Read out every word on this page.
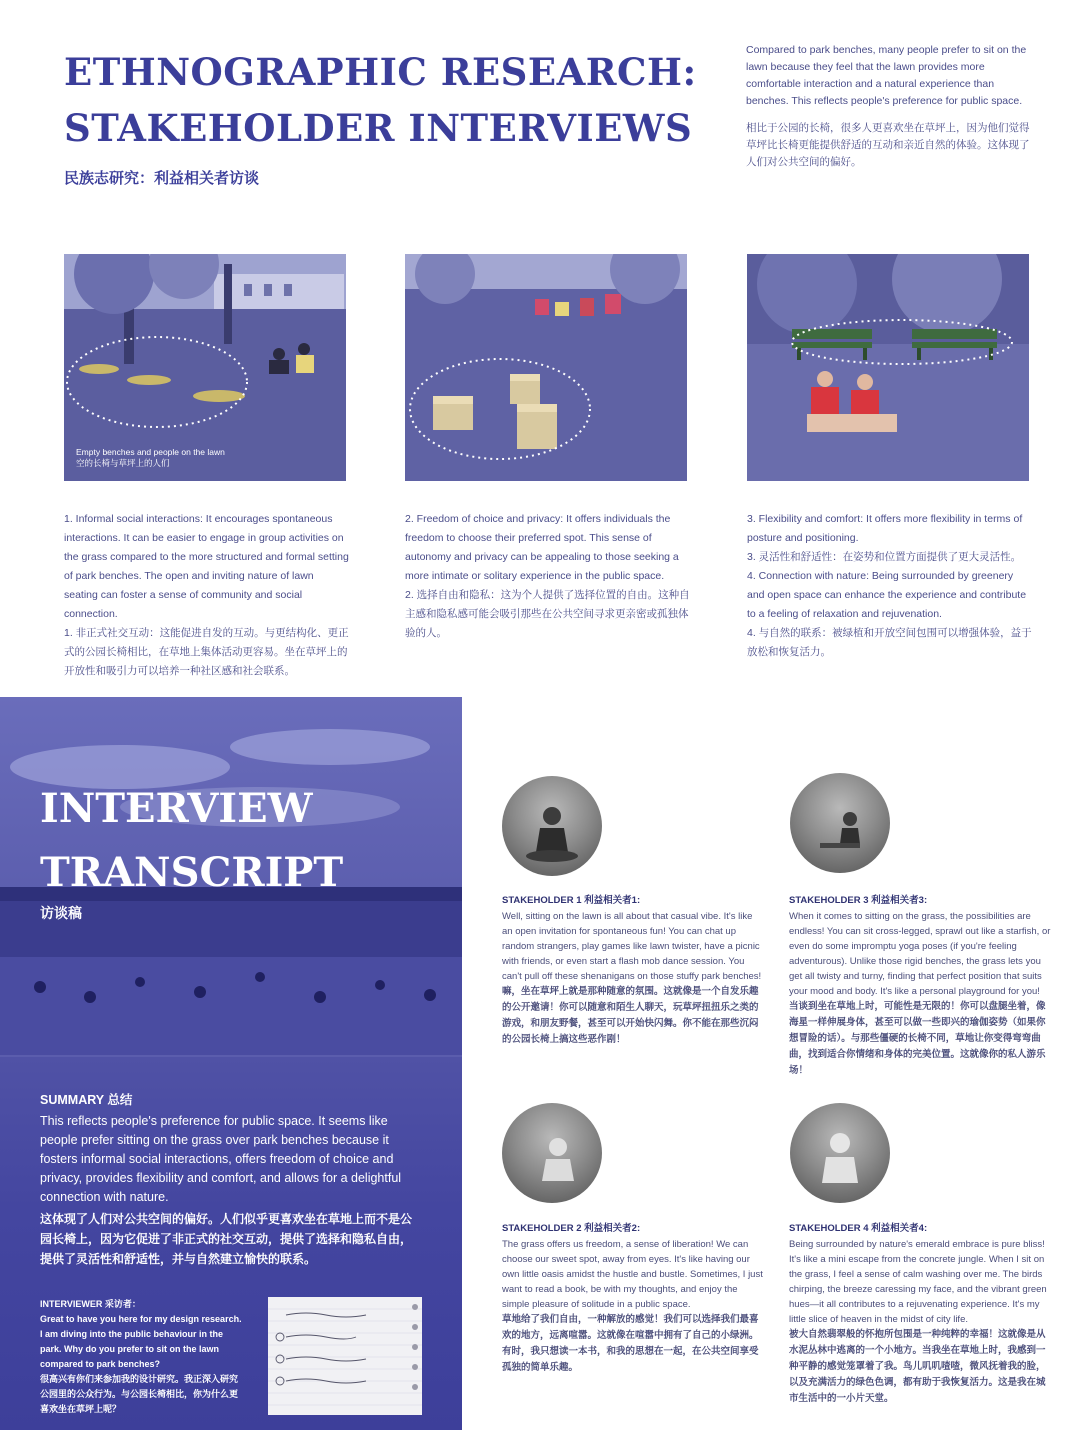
ETHNOGRAPHIC RESEARCH:
STAKEHOLDER INTERVIEWS
民族志研究：利益相关者访谈

Compared to park benches, many people prefer to sit on the lawn because they feel that the lawn provides more comfortable interaction and a natural experience than benches. This reflects people's preference for public space.

相比于公园的长椅，很多人更喜欢坐在草坪上，因为他们觉得草坪比长椅更能提供舒适的互动和亲近自然的体验。这体现了人们对公共空间的偏好。

Empty benches and people on the lawn
空的长椅与草坪上的人们

1. Informal social interactions: It encourages spontaneous interactions. It can be easier to engage in group activities on the grass compared to the more structured and formal setting of park benches. The open and inviting nature of lawn seating can foster a sense of community and social connection.

1. 非正式社交互动：这能促进自发的互动。与更结构化、更正式的公园长椅相比，在草地上集体活动更容易。坐在草坪上的开放性和吸引力可以培养一种社区感和社会联系。

2. Freedom of choice and privacy: It offers individuals the freedom to choose their preferred spot. This sense of autonomy and privacy can be appealing to those seeking a more intimate or solitary experience in the public space.

2. 选择自由和隐私：这为个人提供了选择位置的自由。这种自主感和隐私感可能会吸引那些在公共空间寻求更亲密或孤独体验的人。

3. Flexibility and comfort: It offers more flexibility in terms of posture and positioning.

3. 灵活性和舒适性：在姿势和位置方面提供了更大灵活性。

4. Connection with nature: Being surrounded by greenery and open space can enhance the experience and contribute to a feeling of relaxation and rejuvenation.

4. 与自然的联系：被绿植和开放空间包围可以增强体验，益于放松和恢复活力。

INTERVIEW
TRANSCRIPT
访谈稿
SUMMARY 总结
This reflects people's preference for public space. It seems like people prefer sitting on the grass over park benches because it fosters informal social interactions, offers freedom of choice and privacy, provides flexibility and comfort, and allows for a delightful connection with nature.
这体现了人们对公共空间的偏好。人们似乎更喜欢坐在草地上而不是公园长椅上，因为它促进了非正式的社交互动，提供了选择和隐私自由，提供了灵活性和舒适性，并与自然建立愉快的联系。
INTERVIEWER 采访者：
Great to have you here for my design research. I am diving into the public behaviour in the park. Why do you prefer to sit on the lawn compared to park benches?
很高兴有你们来参加我的设计研究。我正深入研究公园里的公众行为。与公园长椅相比，你为什么更喜欢坐在草坪上呢？
STAKEHOLDER 1 利益相关者1:
Well, sitting on the lawn is all about that casual vibe. It's like an open invitation for spontaneous fun! You can chat up random strangers, play games like lawn twister, have a picnic with friends, or even start a flash mob dance session. You can't pull off these shenanigans on those stuffy park benches!
嘛，坐在草坪上就是那种随意的氛围。这就像是一个自发乐趣的公开邀请！你可以随意和陌生人聊天，玩草坪扭扭乐之类的游戏，和朋友野餐，甚至可以开始快闪舞。你不能在那些沉闷的公园长椅上搞这些恶作剧！
STAKEHOLDER 3 利益相关者3:
When it comes to sitting on the grass, the possibilities are endless! You can sit cross-legged, sprawl out like a starfish, or even do some impromptu yoga poses (if you're feeling adventurous). Unlike those rigid benches, the grass lets you get all twisty and turny, finding that perfect position that suits your mood and body. It's like a personal playground for you!
当谈到坐在草地上时，可能性是无限的！你可以盘腿坐着，像海星一样伸展身体，甚至可以做一些即兴的瑜伽姿势（如果你想冒险的话）。与那些僵硬的长椅不同，草地让你变得弯弯曲曲，找到适合你情绪和身体的完美位置。这就像你的私人游乐场！
STAKEHOLDER 2 利益相关者2:
The grass offers us freedom, a sense of liberation! We can choose our sweet spot, away from eyes. It's like having our own little oasis amidst the hustle and bustle. Sometimes, I just want to read a book, be with my thoughts, and enjoy the simple pleasure of solitude in a public space.
草地给了我们自由，一种解放的感觉！我们可以选择我们最喜欢的地方，远离喧嚣。这就像在喧嚣中拥有了自己的小绿洲。有时，我只想读一本书，和我的思想在一起，在公共空间享受孤独的简单乐趣。
STAKEHOLDER 4 利益相关者4:
Being surrounded by nature's emerald embrace is pure bliss! It's like a mini escape from the concrete jungle. When I sit on the grass, I feel a sense of calm washing over me. The birds chirping, the breeze caressing my face, and the vibrant green hues—it all contributes to a rejuvenating experience. It's my little slice of heaven in the midst of city life.
被大自然翡翠般的怀抱所包围是一种纯粹的幸福！这就像是从水泥丛林中逃离的一个小地方。当我坐在草地上时，我感到一种平静的感觉笼罩着了我。鸟儿叽叽喳喳，微风抚着我的脸，以及充满活力的绿色色调，都有助于我恢复活力。这是我在城市生活中的一小片天堂。
